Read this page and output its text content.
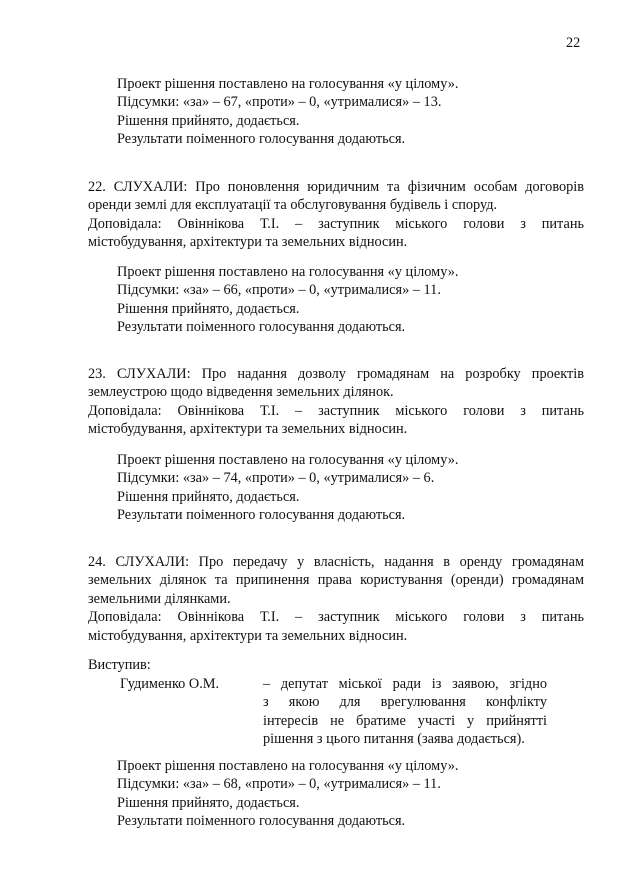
22
Проект рішення поставлено на голосування «у цілому».
Підсумки: «за» – 67, «проти» – 0, «утрималися» – 13.
Рішення прийнято, додається.
Результати поіменного голосування додаються.
22. СЛУХАЛИ: Про поновлення юридичним та фізичним особам договорів
оренди землі для експлуатації та обслуговування будівель і споруд.
Доповідала: Овіннікова Т.І. – заступник міського голови з питань
містобудування, архітектури та земельних відносин.
Проект рішення поставлено на голосування «у цілому».
Підсумки: «за» – 66, «проти» – 0, «утрималися» – 11.
Рішення прийнято, додається.
Результати поіменного голосування додаються.
23. СЛУХАЛИ: Про надання дозволу громадянам на розробку проектів
землеустрою щодо відведення земельних ділянок.
Доповідала: Овіннікова Т.І. – заступник міського голови з питань
містобудування, архітектури та земельних відносин.
Проект рішення поставлено на голосування «у цілому».
Підсумки: «за» – 74, «проти» – 0, «утрималися» – 6.
Рішення прийнято, додається.
Результати поіменного голосування додаються.
24. СЛУХАЛИ: Про передачу у власність, надання в оренду громадянам
земельних ділянок та припинення права користування (оренди) громадянам
земельними ділянками.
Доповідала: Овіннікова Т.І. – заступник міського голови з питань
містобудування, архітектури та земельних відносин.
Виступив:
Гудименко О.М.	– депутат міської ради із заявою, згідно
з якою для врегулювання конфлікту
інтересів не братиме участі у прийнятті
рішення з цього питання (заява додається).
Проект рішення поставлено на голосування «у цілому».
Підсумки: «за» – 68, «проти» – 0, «утрималися» – 11.
Рішення прийнято, додається.
Результати поіменного голосування додаються.
